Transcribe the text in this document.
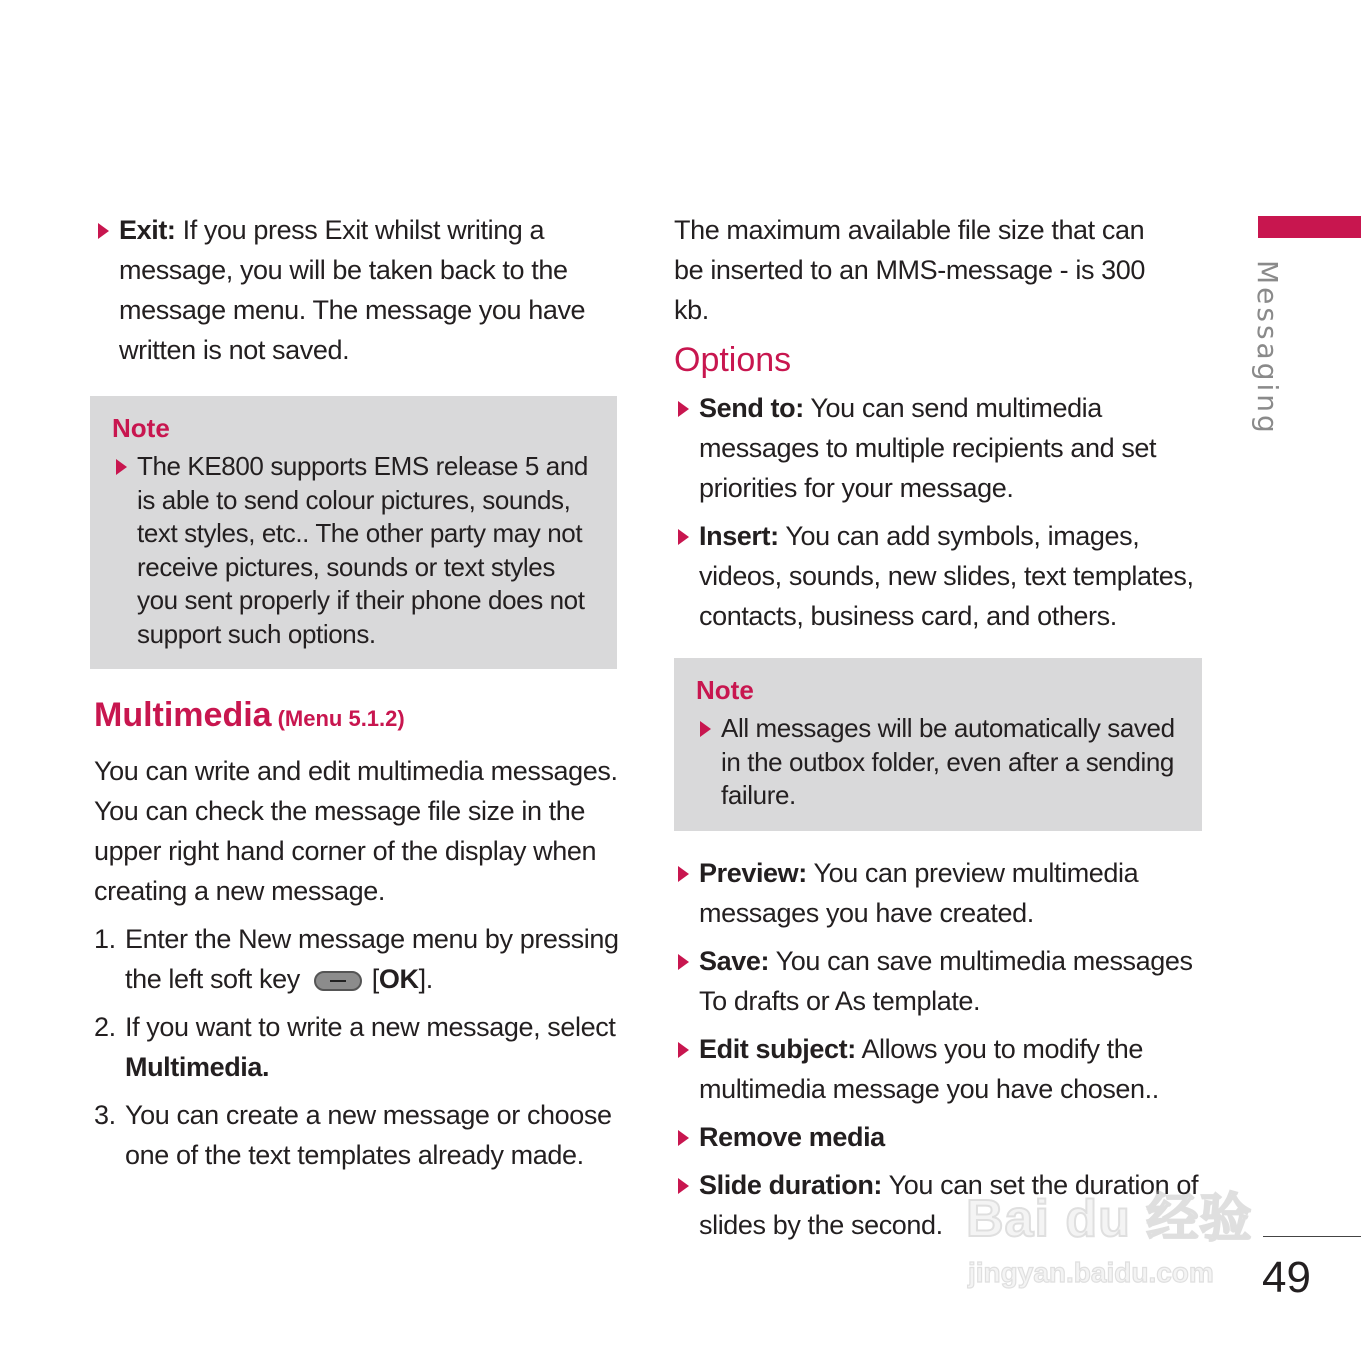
Exit: If you press Exit whilst writing a message, you will be taken back to the message menu. The message you have written is not saved.

Note

The KE800 supports EMS release 5 and is able to send colour pictures, sounds, text styles, etc.. The other party may not receive pictures, sounds or text styles you sent properly if their phone does not support such options.

Multimedia (Menu 5.1.2)

You can write and edit multimedia messages. You can check the message file size in the upper right hand corner of the display when creating a new message.

1. Enter the New message menu by pressing the left soft key	[OK].

2. If you want to write a new message, select
Multimedia.

3. You can create a new message or choose one of the text templates already made.

The maximum available file size that can be inserted to an MMS-message - is 300 kb.

Options

Send to: You can send multimedia messages to multiple recipients and set priorities for your message.

Insert: You can add symbols, images, videos, sounds, new slides, text templates, contacts, business card, and others.

Note

All messages will be automatically saved in the outbox folder, even after a sending failure.

Preview: You can preview multimedia messages you have created.

Save: You can save multimedia messages To drafts or As template.

Edit subject: Allows you to modify the multimedia message you have chosen..

Remove media

Slide duration: You can set the duration of slides by the second.

Messaging
49
Bai du 经验
jingyan.baidu.com
